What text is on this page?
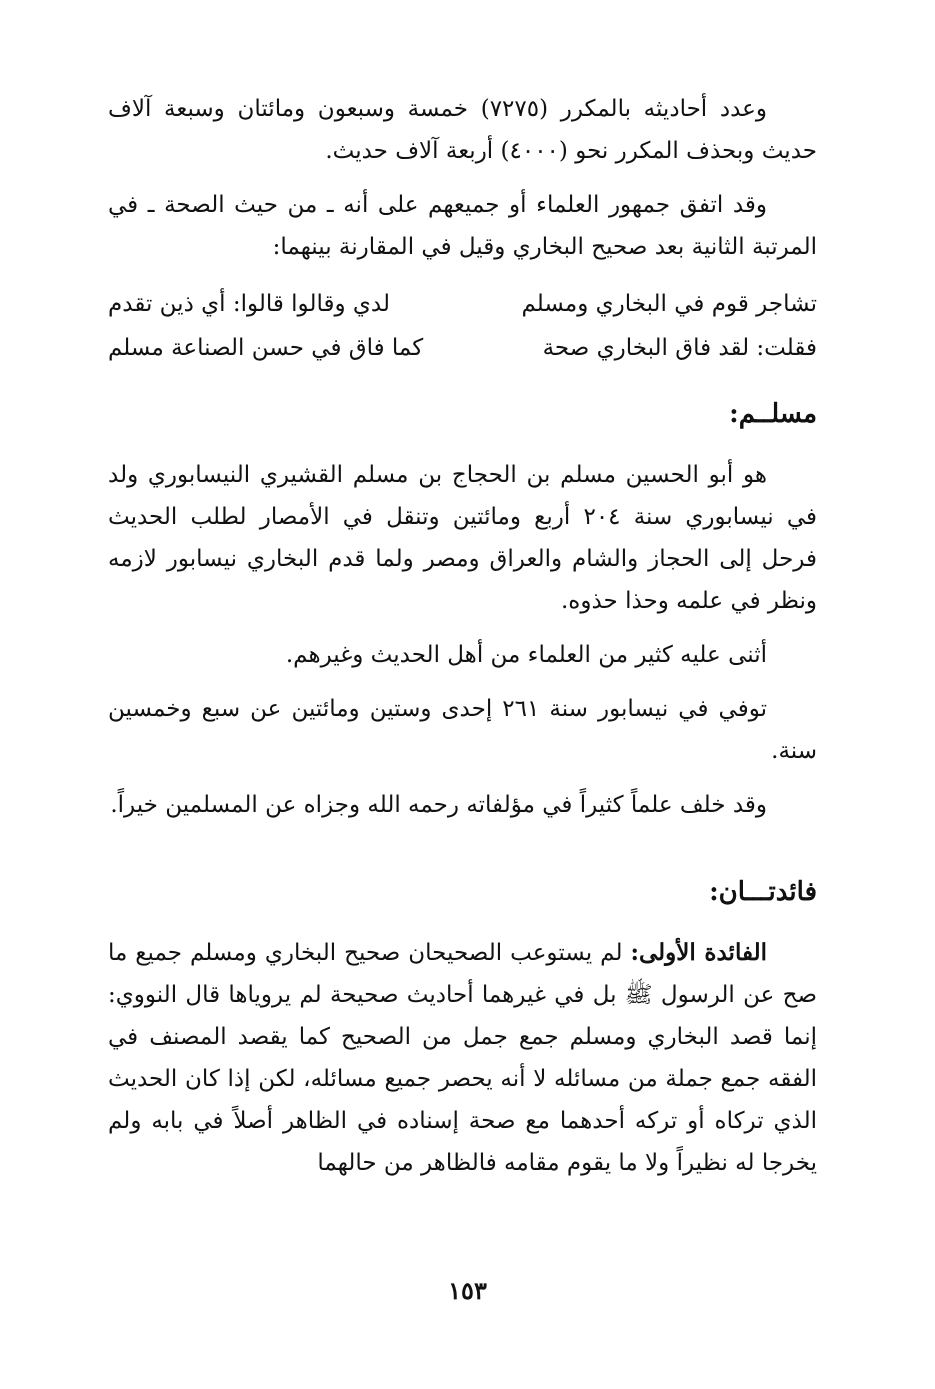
وعدد أحاديثه بالمكرر (٧٢٧٥) خمسة وسبعون ومائتان وسبعة آلاف حديث وبحذف المكرر نحو (٤٠٠٠) أربعة آلاف حديث.

وقد اتفق جمهور العلماء أو جميعهم على أنه ـ من حيث الصحة ـ في المرتبة الثانية بعد صحيح البخاري وقيل في المقارنة بينهما:

تشاجر قوم في البخاري ومسلم
لدي وقالوا قالوا: أي ذين تقدم
فقلت: لقد فاق البخاري صحة
كما فاق في حسن الصناعة مسلم
مسلــم:

هو أبو الحسين مسلم بن الحجاج بن مسلم القشيري النيسابوري ولد في نيسابوري سنة ٢٠٤ أربع ومائتين وتنقل في الأمصار لطلب الحديث فرحل إلى الحجاز والشام والعراق ومصر ولما قدم البخاري نيسابور لازمه ونظر في علمه وحذا حذوه.

أثنى عليه كثير من العلماء من أهل الحديث وغيرهم.

توفي في نيسابور سنة ٢٦١ إحدى وستين ومائتين عن سبع وخمسين سنة.

وقد خلف علماً كثيراً في مؤلفاته رحمه الله وجزاه عن المسلمين خيراً.

فائدتـــان:

الفائدة الأولى: لم يستوعب الصحيحان صحيح البخاري ومسلم جميع ما صح عن الرسول ﷺ بل في غيرهما أحاديث صحيحة لم يروياها قال النووي: إنما قصد البخاري ومسلم جمع جمل من الصحيح كما يقصد المصنف في الفقه جمع جملة من مسائله لا أنه يحصر جميع مسائله، لكن إذا كان الحديث الذي تركاه أو تركه أحدهما مع صحة إسناده في الظاهر أصلاً في بابه ولم يخرجا له نظيراً ولا ما يقوم مقامه فالظاهر من حالهما

١٥٣
